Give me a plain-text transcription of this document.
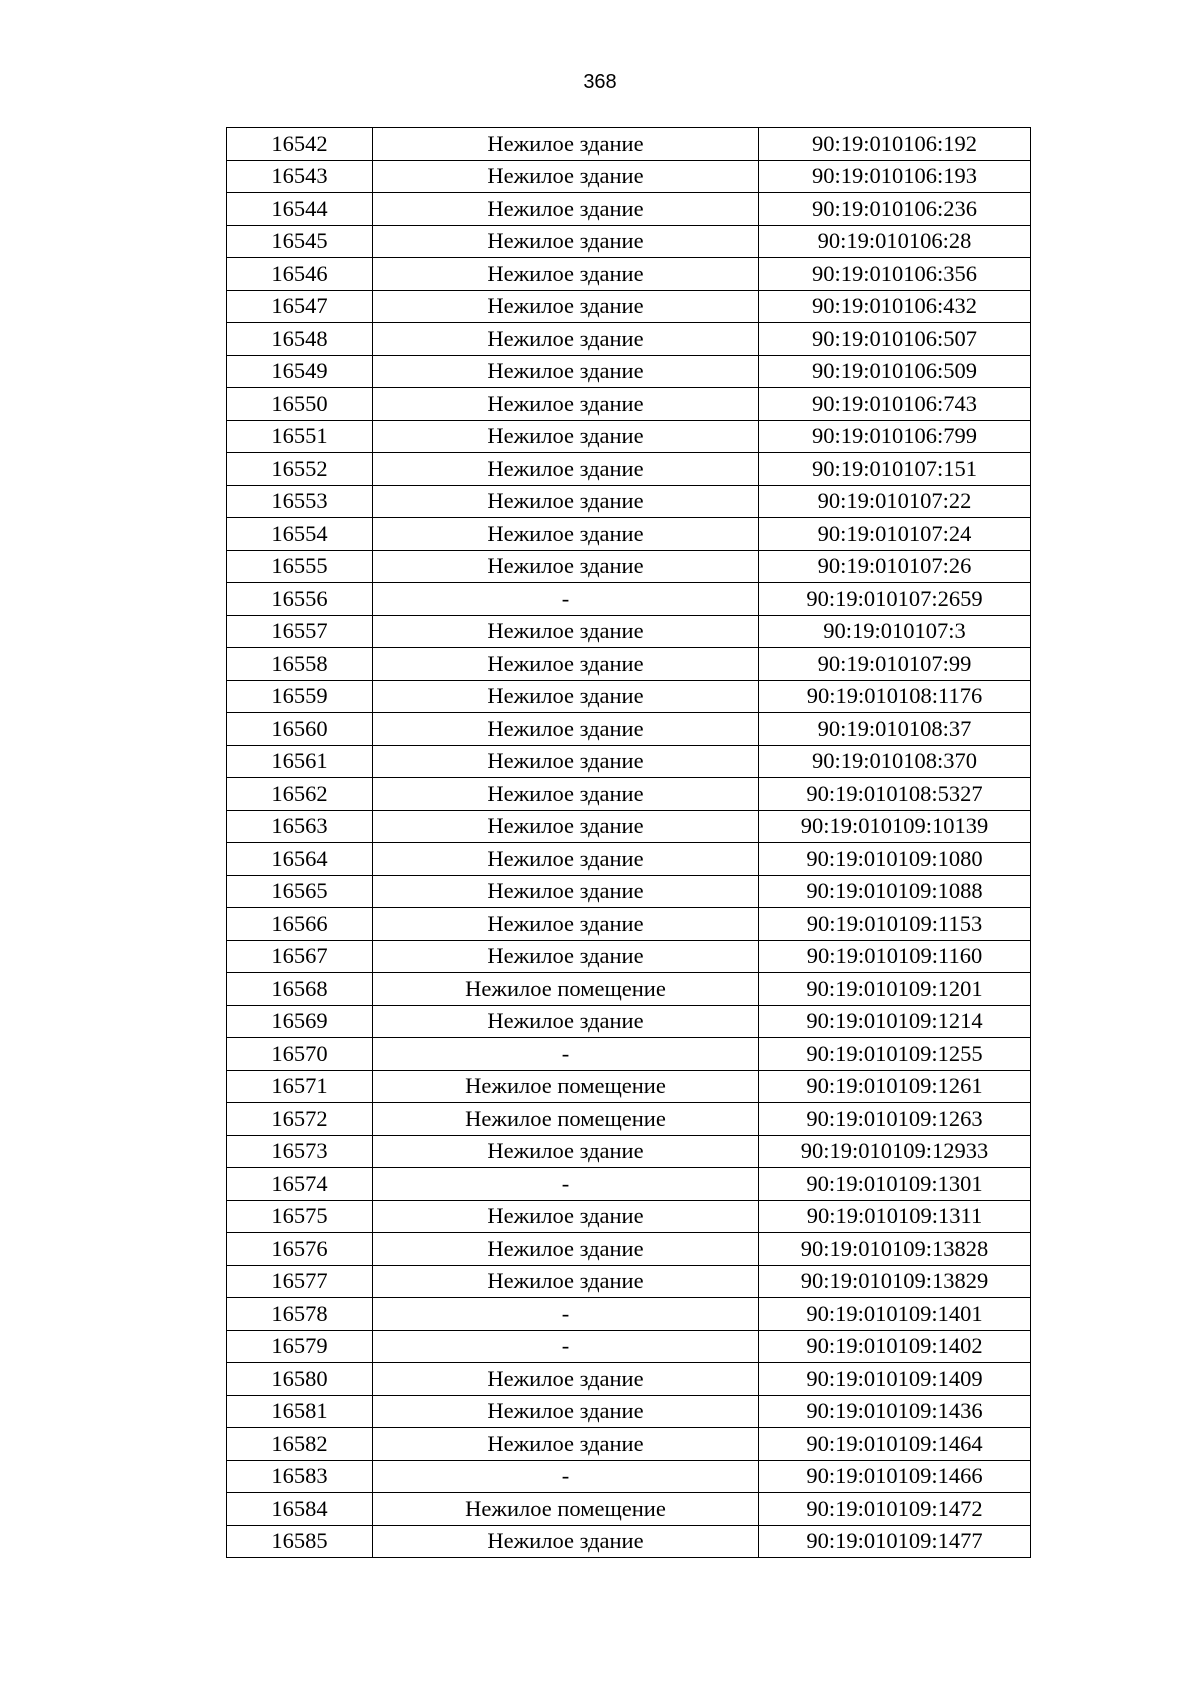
368
16542	Нежилое здание	90:19:010106:192
16543	Нежилое здание	90:19:010106:193
16544	Нежилое здание	90:19:010106:236
16545	Нежилое здание	90:19:010106:28
16546	Нежилое здание	90:19:010106:356
16547	Нежилое здание	90:19:010106:432
16548	Нежилое здание	90:19:010106:507
16549	Нежилое здание	90:19:010106:509
16550	Нежилое здание	90:19:010106:743
16551	Нежилое здание	90:19:010106:799
16552	Нежилое здание	90:19:010107:151
16553	Нежилое здание	90:19:010107:22
16554	Нежилое здание	90:19:010107:24
16555	Нежилое здание	90:19:010107:26
16556	-	90:19:010107:2659
16557	Нежилое здание	90:19:010107:3
16558	Нежилое здание	90:19:010107:99
16559	Нежилое здание	90:19:010108:1176
16560	Нежилое здание	90:19:010108:37
16561	Нежилое здание	90:19:010108:370
16562	Нежилое здание	90:19:010108:5327
16563	Нежилое здание	90:19:010109:10139
16564	Нежилое здание	90:19:010109:1080
16565	Нежилое здание	90:19:010109:1088
16566	Нежилое здание	90:19:010109:1153
16567	Нежилое здание	90:19:010109:1160
16568	Нежилое помещение	90:19:010109:1201
16569	Нежилое здание	90:19:010109:1214
16570	-	90:19:010109:1255
16571	Нежилое помещение	90:19:010109:1261
16572	Нежилое помещение	90:19:010109:1263
16573	Нежилое здание	90:19:010109:12933
16574	-	90:19:010109:1301
16575	Нежилое здание	90:19:010109:1311
16576	Нежилое здание	90:19:010109:13828
16577	Нежилое здание	90:19:010109:13829
16578	-	90:19:010109:1401
16579	-	90:19:010109:1402
16580	Нежилое здание	90:19:010109:1409
16581	Нежилое здание	90:19:010109:1436
16582	Нежилое здание	90:19:010109:1464
16583	-	90:19:010109:1466
16584	Нежилое помещение	90:19:010109:1472
16585	Нежилое здание	90:19:010109:1477
